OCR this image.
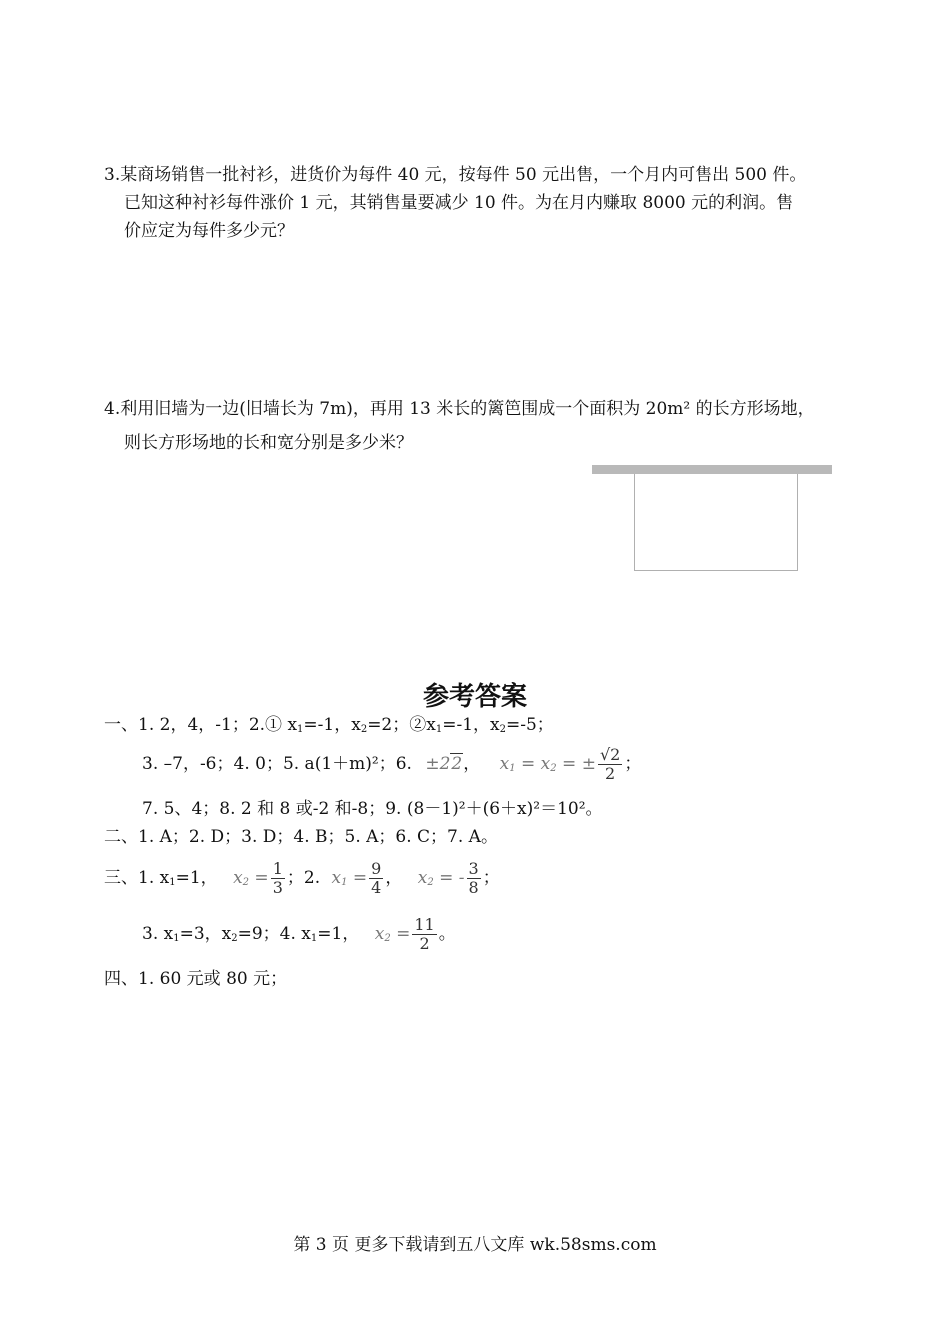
3.某商场销售一批衬衫，进货价为每件 40 元，按每件 50 元出售，一个月内可售出 500 件。
已知这种衬衫每件涨价 1 元，其销售量要减少 10 件。为在月内赚取 8000 元的利润。售
价应定为每件多少元？
4.利用旧墙为一边(旧墙长为 7m)，再用 13 米长的篱笆围成一个面积为 20m² 的长方形场地，
则长方形场地的长和宽分别是多少米？
参考答案
一、1. 2，4，-1；2.① $x_1=-1$，$x_2=2$；$②x_1=-1$，$x_2=-5$；
3. –7，-6；4. 0；5. a(1＋m)²；6. ±22， $x_1 = x_2$ = ± $\frac{√2}{2}$ ；
7. 5、4；8. 2 和 8 或-2 和-8；9. (8－1)²＋(6＋x)²＝10²。
二、1. A；2. D；3. D；4. B；5. A；6. C；7. A。
三、1. $x_1=1$， $x_2 = \frac{1}{3}$ ；2. $x_1 = \frac{9}{4}$ ， $x_2$ = - $\frac{3}{8}$ ；
3. $x_1=3$，$x_2=9$；4. $x_1=1$， $x_2 = \frac{11}{2}$ 。
四、1. 60 元或 80 元；
第 3 页 更多下载请到五八文库 wk.58sms.com
